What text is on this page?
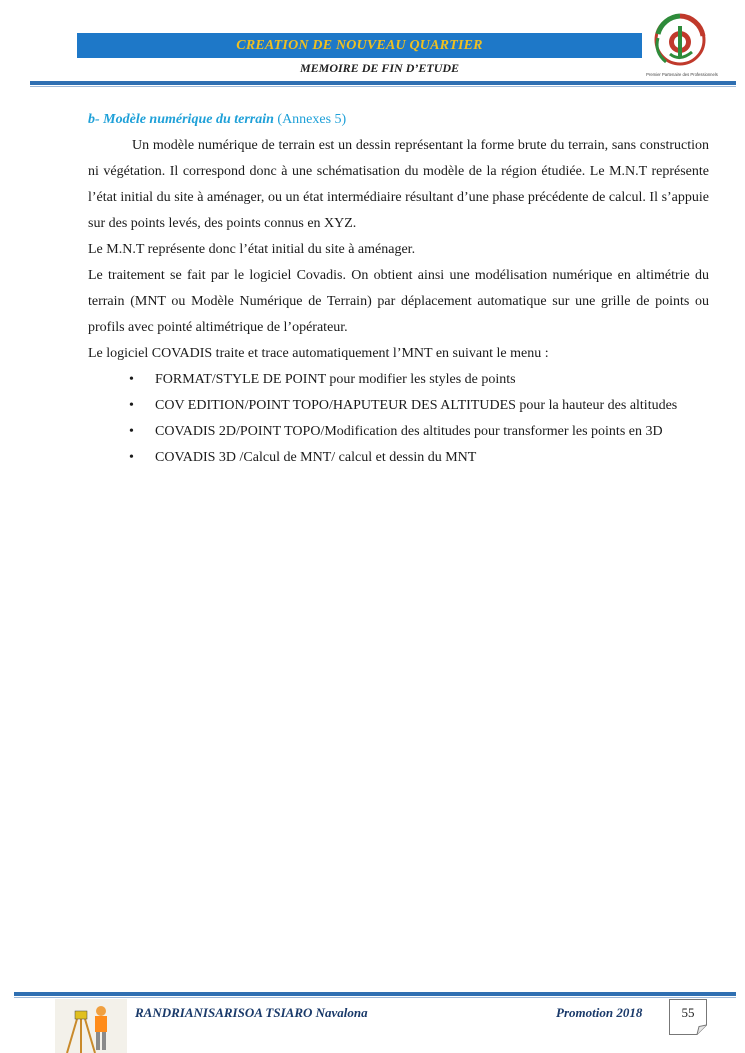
CREATION DE NOUVEAU QUARTIER
MEMOIRE DE FIN D’ETUDE	Premier Partenaire des Professionnels
b- Modèle numérique du terrain (Annexes 5)

Un modèle numérique de terrain est un dessin représentant la forme brute du terrain, sans construction ni végétation. Il correspond donc à une schématisation du modèle de la région étudiée. Le M.N.T représente l’état initial du site à aménager, ou un état intermédiaire résultant d’une phase précédente de calcul. Il s’appuie sur des points levés, des points connus en XYZ.

Le M.N.T représente donc l’état initial du site à aménager.

Le traitement se fait par le logiciel Covadis. On obtient ainsi une modélisation numérique en altimétrie du terrain (MNT ou Modèle Numérique de Terrain) par déplacement automatique sur une grille de points ou profils avec pointé altimétrique de l’opérateur.

Le logiciel COVADIS traite et trace automatiquement l’MNT en suivant le menu :

• FORMAT/STYLE DE POINT pour modifier les styles de points
• COV EDITION/POINT TOPO/HAPUTEUR DES ALTITUDES pour la hauteur des altitudes
• COVADIS 2D/POINT TOPO/Modification des altitudes pour transformer les points en 3D
• COVADIS 3D /Calcul de MNT/ calcul et dessin du MNT
RANDRIANISARISOA TSIARO Navalona	Promotion 2018	55
